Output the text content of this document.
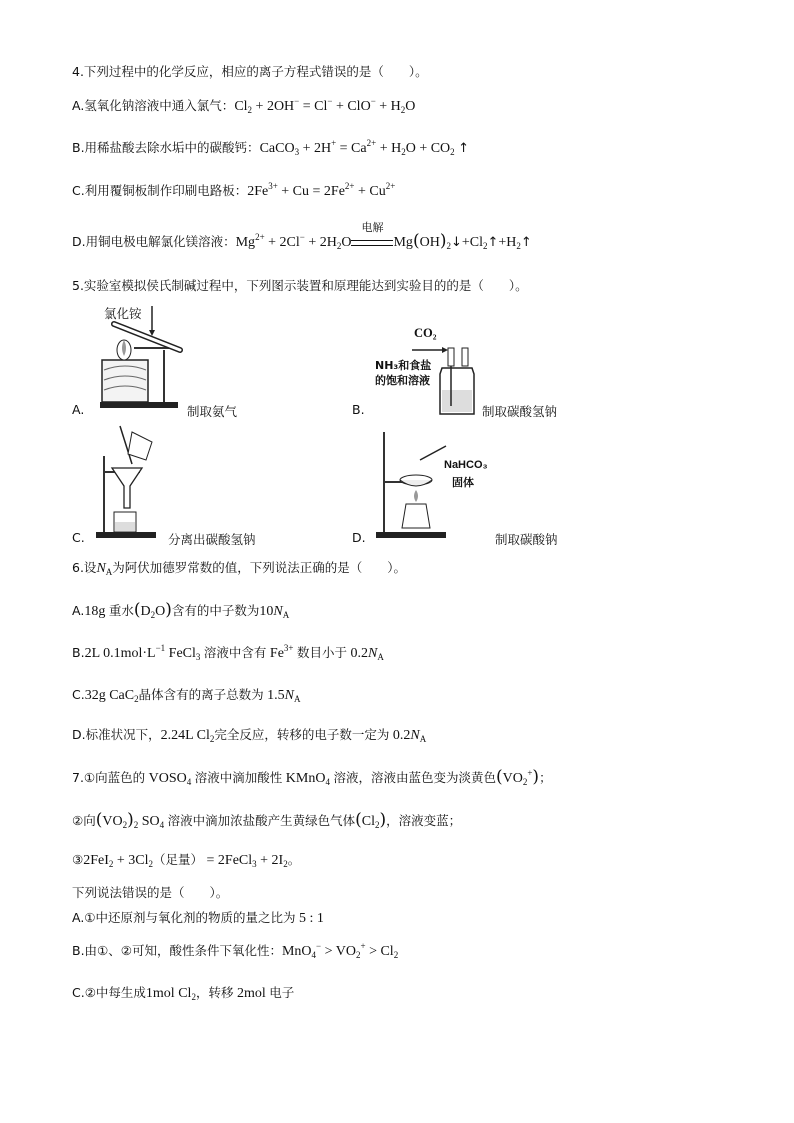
4.下列过程中的化学反应，相应的离子方程式错误的是（　　）。
A.氢氧化钠溶液中通入氯气：$Cl_2 + 2OH^- = Cl^- + ClO^- + H_2O$
B.用稀盐酸去除水垢中的碳酸钙：CaCO$_3$ + $2H^+ = Ca^{2+} + H_2O + CO_2$ ↑
C.利用覆铜板制作印刷电路板：$2Fe^{3+} + Cu = 2Fe^{2+} + Cu^{2+}$
D.用铜电极电解氯化镁溶液：$Mg^{2+} + 2Cl^- + 2H_2O$
电解
$Mg(OH)_2↓+Cl_2↑+H_2↑$
5.实验室模拟侯氏制碱过程中，下列图示装置和原理能达到实验目的的是（　　）。
A.
氯化铵
制取氨气	B.
CO₂
NH₃和食盐
的饱和溶液
制取碳酸氢钠
C.	分离出碳酸氢钠	D.
NaHCO₃
固体
制取碳酸钠
6.设$N_A$为阿伏加德罗常数的值，下列说法正确的是（　　）。
A.18g 重水$(D_2O)$含有的中子数为$10N_A$
B.2L $0.1mol\cdot L^{-1}$ FeCl$_3$ 溶液中含有 $Fe^{3+}$ 数目小于 $0.2N_A$
C.32g CaC$_2$晶体含有的离子总数为 $1.5N_A$
D.标准状况下，2.24L $Cl_2$完全反应，转移的电子数一定为 $0.2N_A$
7.①向蓝色的 $VOSO_4$ 溶液中滴加酸性 KMnO$_4$ 溶液，溶液由蓝色变为淡黄色$(VO_2^+)$；
②向$(VO_2)_2$ $SO_4$ 溶液中滴加浓盐酸产生黄绿色气体$(Cl_2)$，溶液变蓝；
③2FeI$_2$ + $3Cl_2$（足量） = 2FeCl$_3$ + $2I_2$。
下列说法错误的是（　　）。
A.①中还原剂与氧化剂的物质的量之比为 5 : 1
B.由①、②可知，酸性条件下氧化性：$MnO_4^- > VO_2^+ > Cl_2$
C.②中每生成1mol $Cl_2$，转移 2mol 电子
